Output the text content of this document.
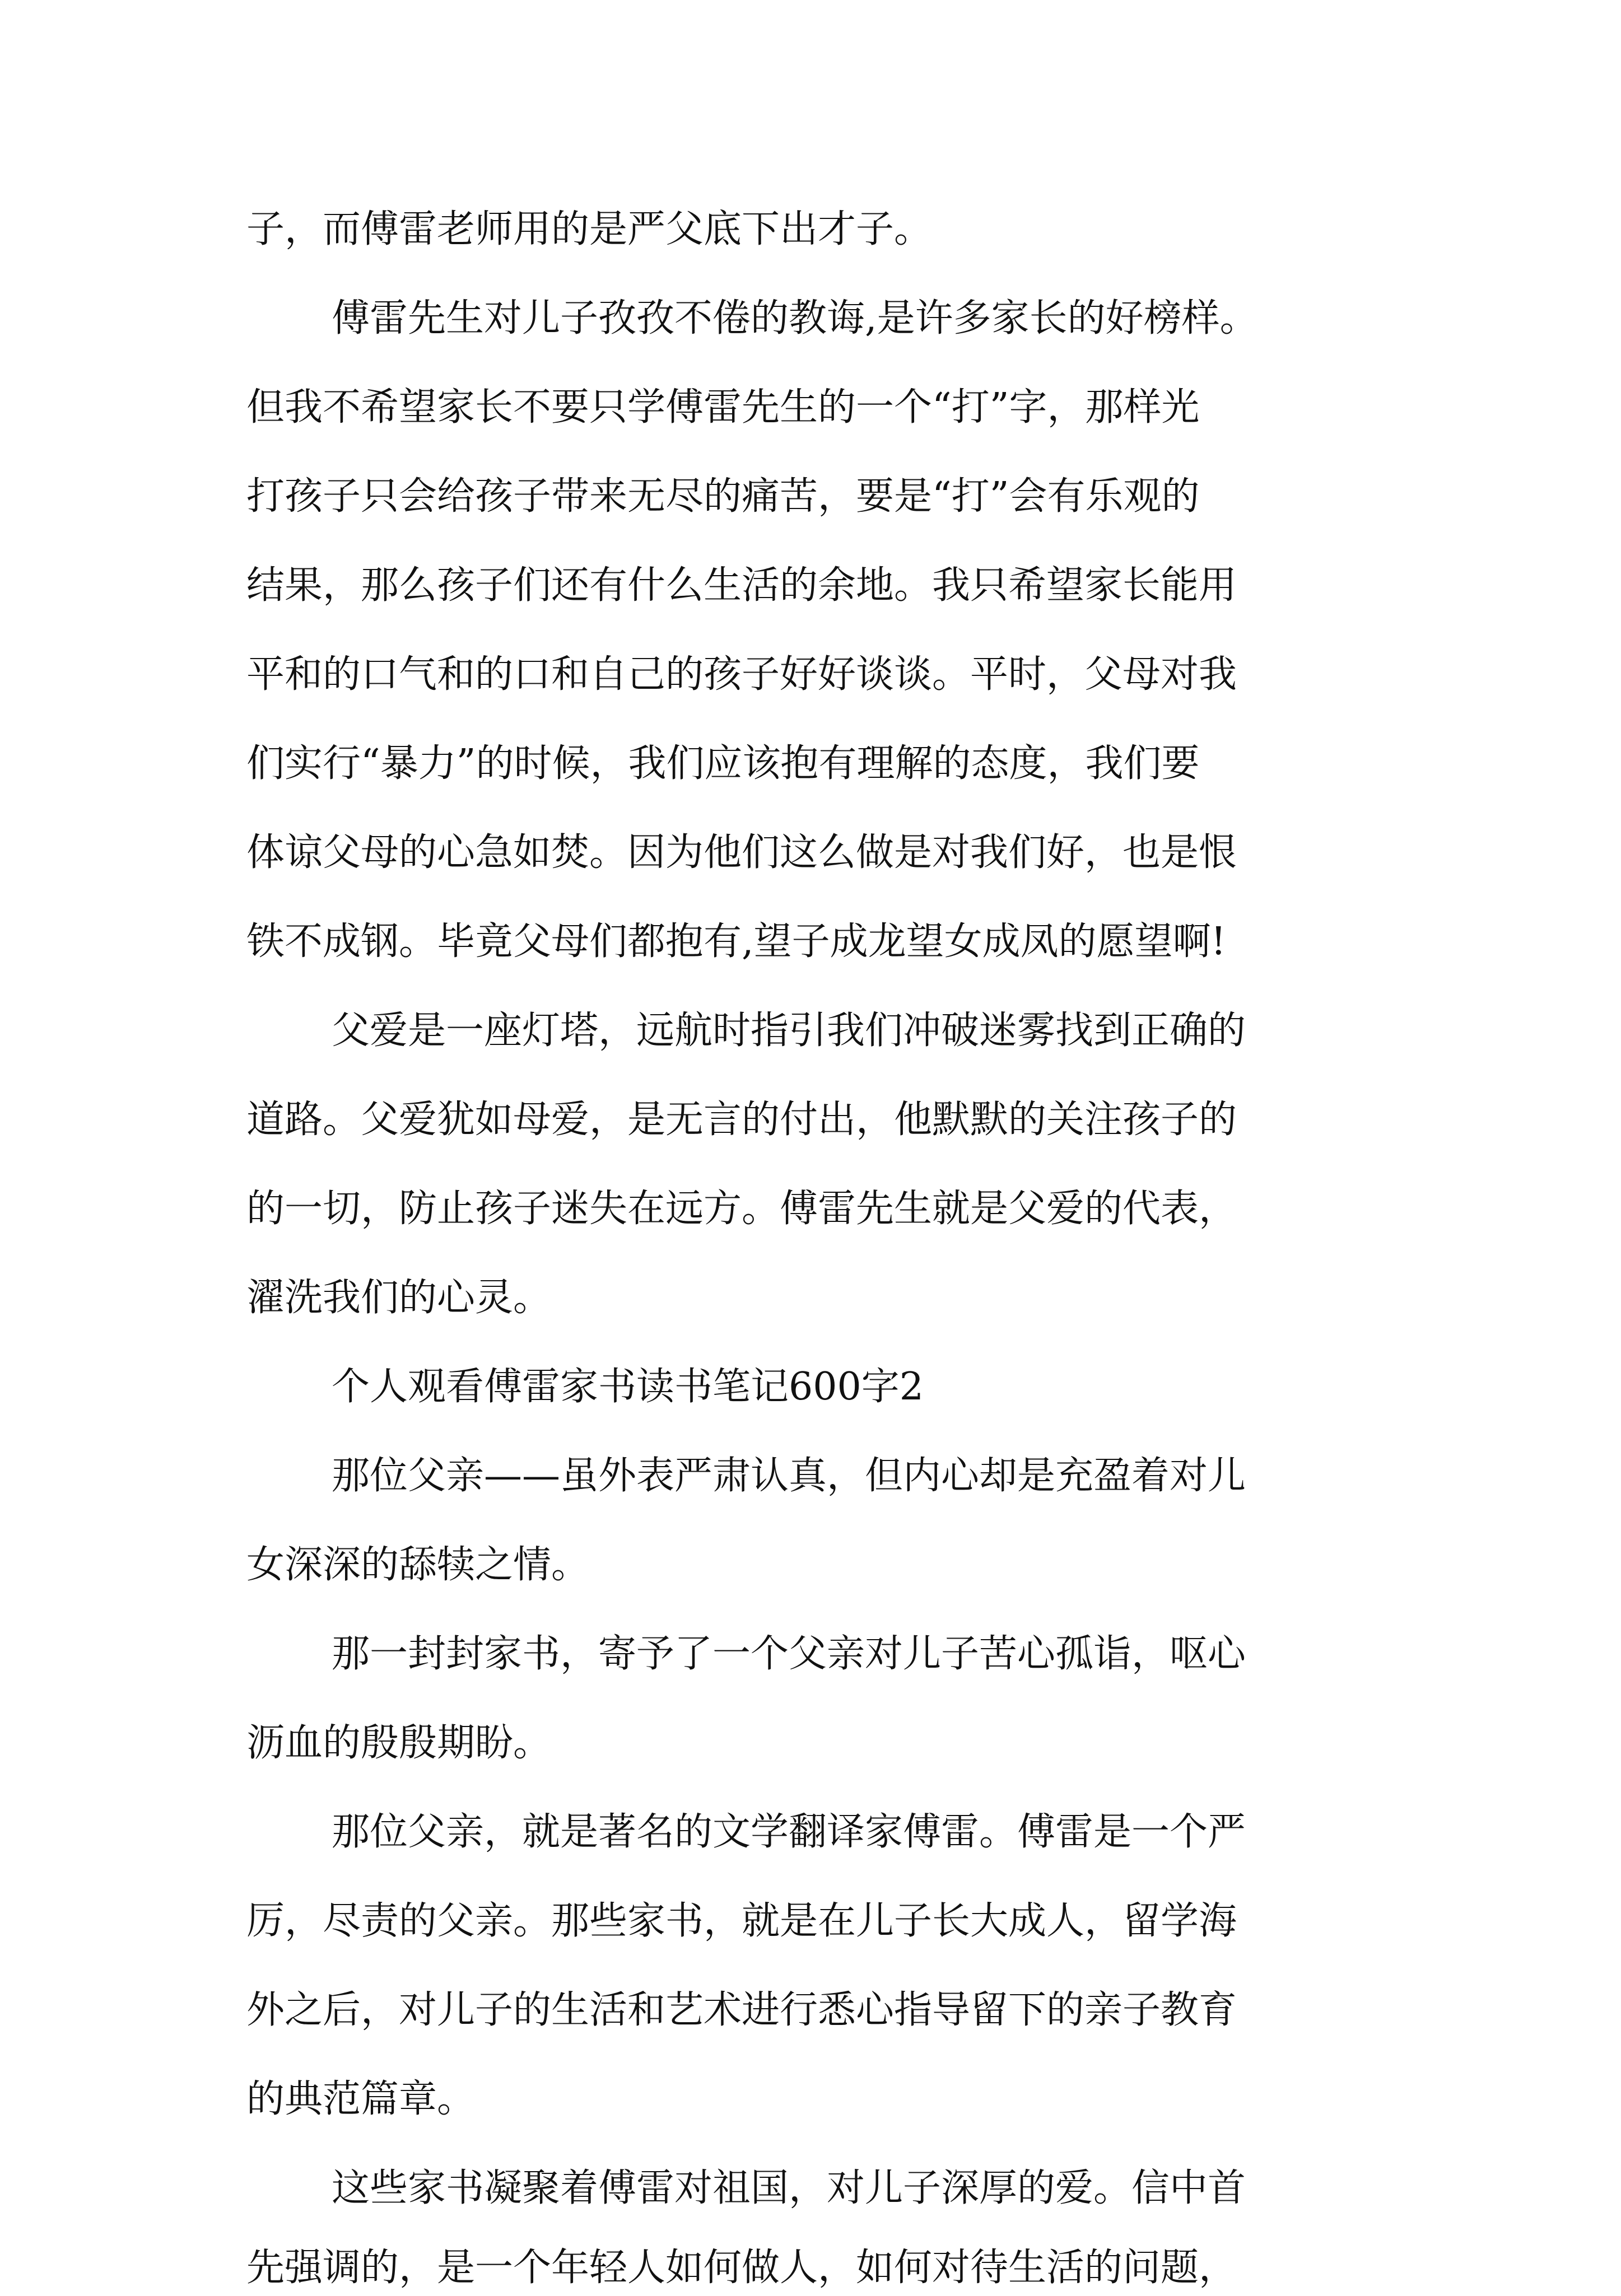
子，而傅雷老师用的是严父底下出才子。

傅雷先生对儿子孜孜不倦的教诲,是许多家长的好榜样。

但我不希望家长不要只学傅雷先生的一个“打”字，那样光

打孩子只会给孩子带来无尽的痛苦，要是“打”会有乐观的

结果，那么孩子们还有什么生活的余地。我只希望家长能用

平和的口气和的口和自己的孩子好好谈谈。平时，父母对我

们实行“暴力”的时候，我们应该抱有理解的态度，我们要

体谅父母的心急如焚。因为他们这么做是对我们好，也是恨

铁不成钢。毕竟父母们都抱有,望子成龙望女成凤的愿望啊!

父爱是一座灯塔，远航时指引我们冲破迷雾找到正确的

道路。父爱犹如母爱，是无言的付出，他默默的关注孩子的

的一切，防止孩子迷失在远方。傅雷先生就是父爱的代表，

濯洗我们的心灵。

个人观看傅雷家书读书笔记600字2

那位父亲——虽外表严肃认真，但内心却是充盈着对儿

女深深的舔犊之情。

那一封封家书，寄予了一个父亲对儿子苦心孤诣，呕心

沥血的殷殷期盼。

那位父亲，就是著名的文学翻译家傅雷。傅雷是一个严

厉，尽责的父亲。那些家书，就是在儿子长大成人，留学海

外之后，对儿子的生活和艺术进行悉心指导留下的亲子教育

的典范篇章。

这些家书凝聚着傅雷对祖国，对儿子深厚的爱。信中首

先强调的，是一个年轻人如何做人，如何对待生活的问题，
